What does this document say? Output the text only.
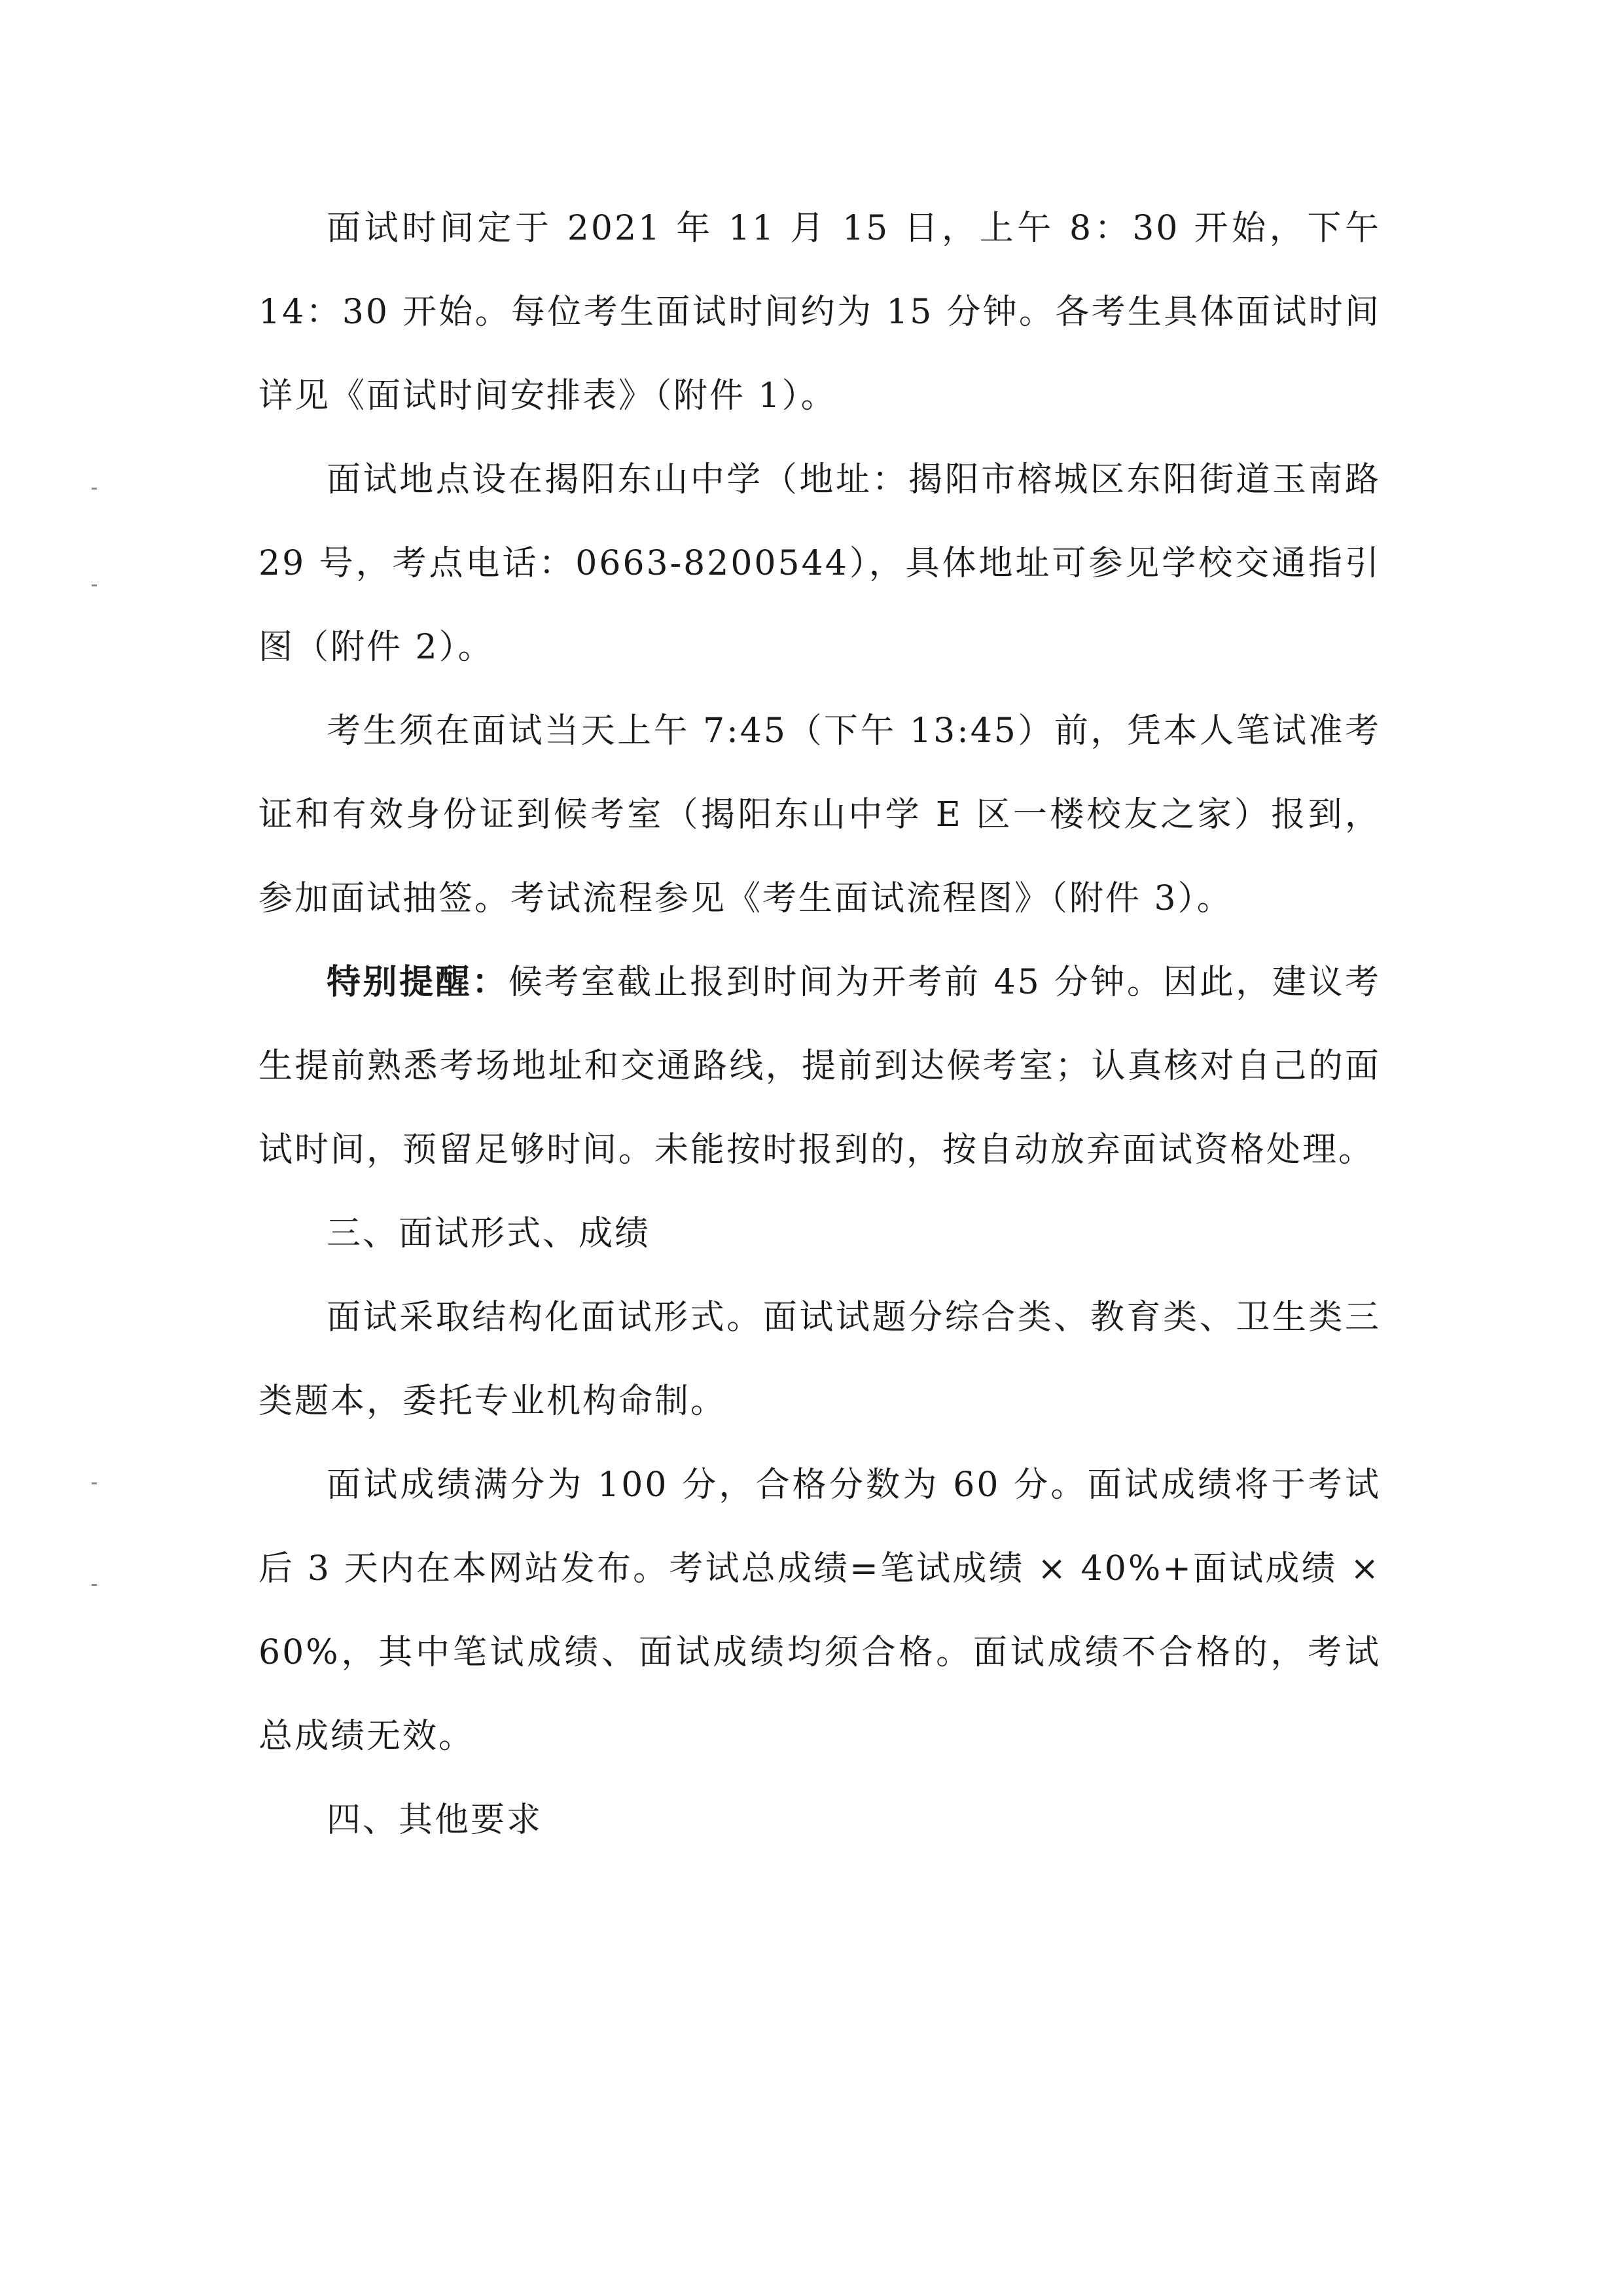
面试时间定于 2021 年 11 月 15 日，上午 8：30 开始，下午 14：30 开始。每位考生面试时间约为 15 分钟。各考生具体面试时间详见《面试时间安排表》（附件 1）。

面试地点设在揭阳东山中学（地址：揭阳市榕城区东阳街道玉南路 29 号，考点电话：0663-8200544），具体地址可参见学校交通指引图（附件 2）。

考生须在面试当天上午 7:45（下午 13:45）前，凭本人笔试准考证和有效身份证到候考室（揭阳东山中学 E 区一楼校友之家）报到，参加面试抽签。考试流程参见《考生面试流程图》（附件 3）。

特别提醒：候考室截止报到时间为开考前 45 分钟。因此，建议考生提前熟悉考场地址和交通路线，提前到达候考室；认真核对自己的面试时间，预留足够时间。未能按时报到的，按自动放弃面试资格处理。

三、面试形式、成绩

面试采取结构化面试形式。面试试题分综合类、教育类、卫生类三类题本，委托专业机构命制。

面试成绩满分为 100 分，合格分数为 60 分。面试成绩将于考试后 3 天内在本网站发布。考试总成绩=笔试成绩 × 40%+面试成绩 × 60%，其中笔试成绩、面试成绩均须合格。面试成绩不合格的，考试总成绩无效。

四、其他要求
